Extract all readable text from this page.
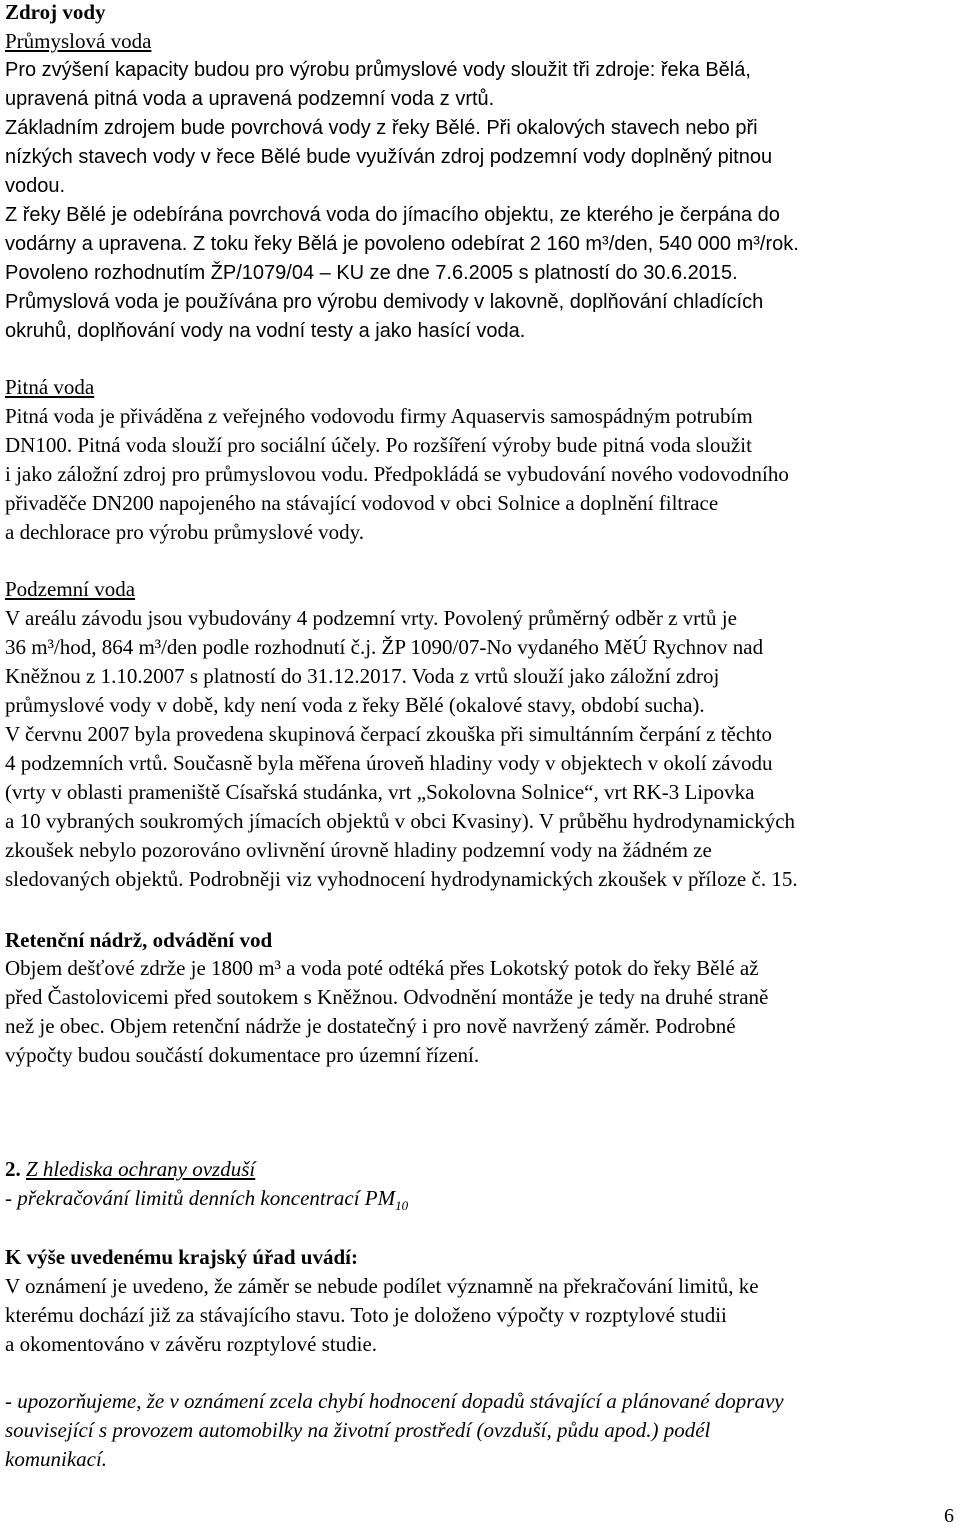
Zdroj vody
Průmyslová voda
Pro zvýšení kapacity budou pro výrobu průmyslové vody sloužit tři zdroje: řeka Bělá,
upravená pitná voda a upravená podzemní voda z vrtů.
Základním zdrojem bude povrchová vody z řeky Bělé. Při okalových stavech nebo při
nízkých stavech vody v řece Bělé bude využíván zdroj podzemní vody doplněný pitnou
vodou.
Z řeky Bělé je odebírána povrchová voda do jímacího objektu, ze kterého je čerpána do
vodárny a upravena. Z toku řeky Bělá je povoleno odebírat 2 160 m³/den, 540 000 m³/rok.
Povoleno rozhodnutím ŽP/1079/04 – KU ze dne 7.6.2005 s platností do 30.6.2015.
Průmyslová voda je používána pro výrobu demivody v lakovně, doplňování chladících
okruhů, doplňování vody na vodní testy a jako hasící voda.
Pitná voda
Pitná voda je přiváděna z veřejného vodovodu firmy Aquaservis samospádným potrubím
DN100. Pitná voda slouží pro sociální účely. Po rozšíření výroby bude pitná voda sloužit
i jako záložní zdroj pro průmyslovou vodu. Předpokládá se vybudování nového vodovodního
přivaděče DN200 napojeného na stávající vodovod v obci Solnice a doplnění filtrace
a dechlorace pro výrobu průmyslové vody.
Podzemní voda
V areálu závodu jsou vybudovány 4 podzemní vrty. Povolený průměrný odběr z vrtů je
36 m³/hod, 864 m³/den podle rozhodnutí č.j. ŽP 1090/07-No vydaného MěÚ Rychnov nad
Kněžnou z 1.10.2007 s platností do 31.12.2017. Voda z vrtů slouží jako záložní zdroj
průmyslové vody v době, kdy není voda z řeky Bělé (okalové stavy, období sucha).
V červnu 2007 byla provedena skupinová čerpací zkouška při simultánním čerpání z těchto
4 podzemních vrtů. Současně byla měřena úroveň hladiny vody v objektech v okolí závodu
(vrty v oblasti prameniště Císařská studánka, vrt „Sokolovna Solnice“, vrt RK-3 Lipovka
a 10 vybraných soukromých jímacích objektů v obci Kvasiny). V průběhu hydrodynamických
zkoušek nebylo pozorováno ovlivnění úrovně hladiny podzemní vody na žádném ze
sledovaných objektů. Podrobněji viz vyhodnocení hydrodynamických zkoušek v příloze č. 15.
Retenční nádrž, odvádění vod
Objem dešťové zdrže je 1800 m³ a voda poté odtéká přes Lokotský potok do řeky Bělé až
před Častolovicemi před soutokem s Kněžnou. Odvodnění montáže je tedy na druhé straně
než je obec. Objem retenční nádrže je dostatečný i pro nově navržený záměr. Podrobné
výpočty budou součástí dokumentace pro územní řízení.
2. Z hlediska ochrany ovzduší
- překračování limitů denních koncentrací $PM_{10}$
K výše uvedenému krajský úřad uvádí:
V oznámení je uvedeno, že záměr se nebude podílet významně na překračování limitů, ke
kterému dochází již za stávajícího stavu. Toto je doloženo výpočty v rozptylové studii
a okomentováno v závěru rozptylové studie.
- upozorňujeme, že v oznámení zcela chybí hodnocení dopadů stávající a plánované dopravy
související s provozem automobilky na životní prostředí (ovzduší, půdu apod.) podél
komunikací.
6
